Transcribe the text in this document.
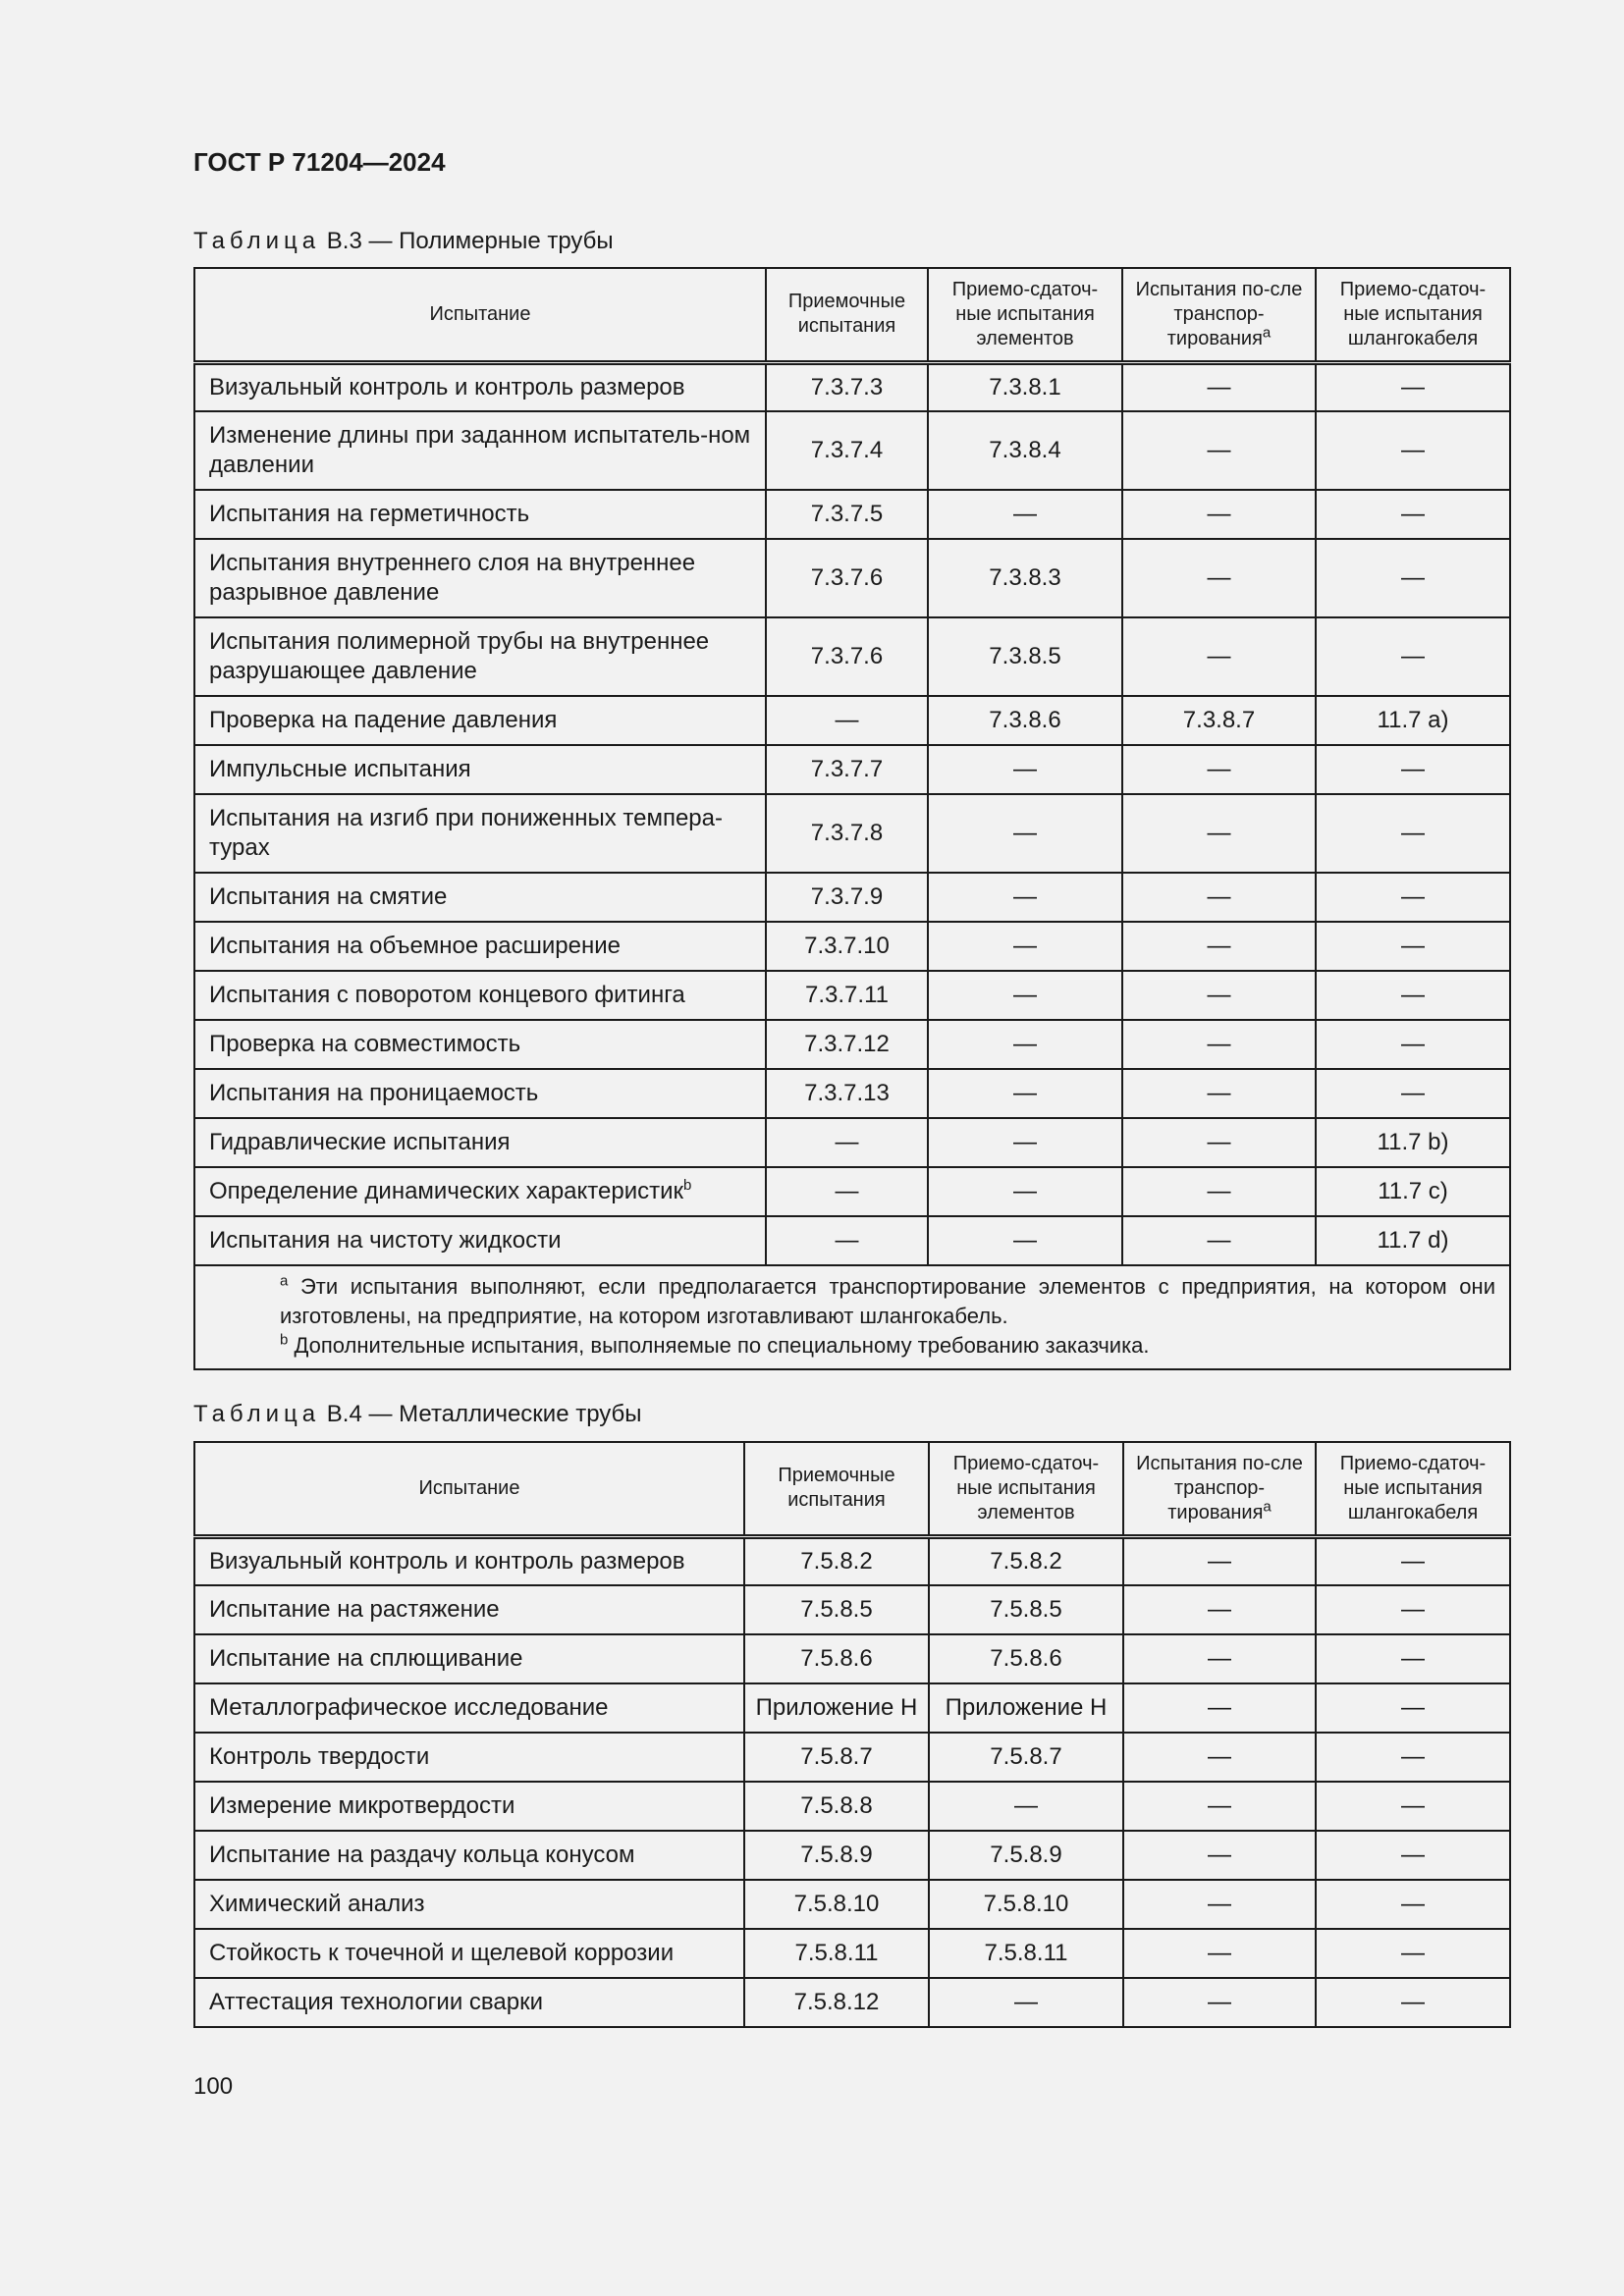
ГОСТ Р 71204—2024
Таблица В.3 — Полимерные трубы
Испытание	Приемочные испытания	Приемо-сдаточ-ные испытания элементов	Испытания по-сле транспор-тирования$^a$	Приемо-сдаточ-ные испытания шлангокабеля
Визуальный контроль и контроль размеров	7.3.7.3	7.3.8.1	—	—
Изменение длины при заданном испытатель-ном давлении	7.3.7.4	7.3.8.4	—	—
Испытания на герметичность	7.3.7.5	—	—	—
Испытания внутреннего слоя на внутреннее разрывное давление	7.3.7.6	7.3.8.3	—	—
Испытания полимерной трубы на внутреннее разрушающее давление	7.3.7.6	7.3.8.5	—	—
Проверка на падение давления	—	7.3.8.6	7.3.8.7	11.7 a)
Импульсные испытания	7.3.7.7	—	—	—
Испытания на изгиб при пониженных темпера-турах	7.3.7.8	—	—	—
Испытания на смятие	7.3.7.9	—	—	—
Испытания на объемное расширение	7.3.7.10	—	—	—
Испытания с поворотом концевого фитинга	7.3.7.11	—	—	—
Проверка на совместимость	7.3.7.12	—	—	—
Испытания на проницаемость	7.3.7.13	—	—	—
Гидравлические испытания	—	—	—	11.7 b)
Определение динамических характеристик$^b$	—	—	—	11.7 c)
Испытания на чистоту жидкости	—	—	—	11.7 d)

$^a$ Эти испытания выполняют, если предполагается транспортирование элементов с предприятия, на котором они изготовлены, на предприятие, на котором изготавливают шлангокабель.
$^b$ Дополнительные испытания, выполняемые по специальному требованию заказчика.				
Таблица В.4 — Металлические трубы
Испытание	Приемочные испытания	Приемо-сдаточ-ные испытания элементов	Испытания по-сле транспор-тирования$^a$	Приемо-сдаточ-ные испытания шлангокабеля
Визуальный контроль и контроль размеров	7.5.8.2	7.5.8.2	—	—
Испытание на растяжение	7.5.8.5	7.5.8.5	—	—
Испытание на сплющивание	7.5.8.6	7.5.8.6	—	—
Металлографическое исследование	Приложение Н	Приложение Н	—	—
Контроль твердости	7.5.8.7	7.5.8.7	—	—
Измерение микротвердости	7.5.8.8	—	—	—
Испытание на раздачу кольца конусом	7.5.8.9	7.5.8.9	—	—
Химический анализ	7.5.8.10	7.5.8.10	—	—
Стойкость к точечной и щелевой коррозии	7.5.8.11	7.5.8.11	—	—
Аттестация технологии сварки	7.5.8.12	—	—	—
100
